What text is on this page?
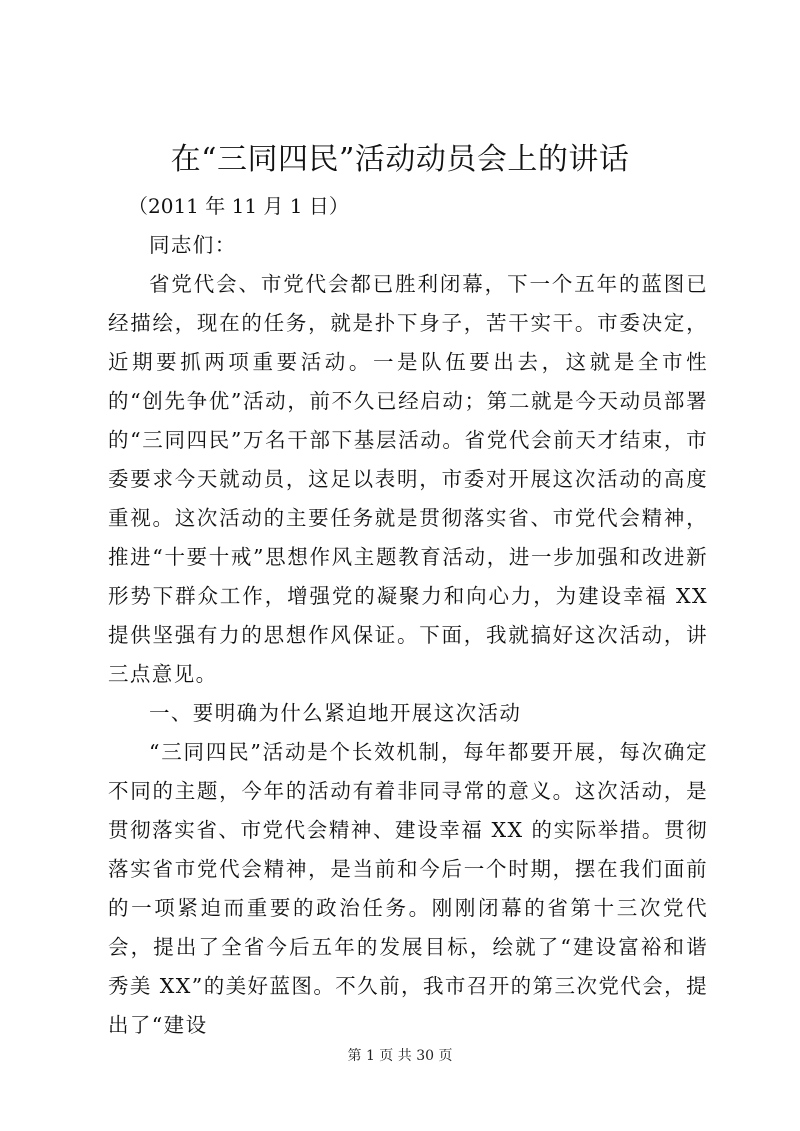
在“三同四民”活动动员会上的讲话

（2011 年 11 月 1 日）

同志们：

省党代会、市党代会都已胜利闭幕，下一个五年的蓝图已经描绘，现在的任务，就是扑下身子，苦干实干。市委决定，近期要抓两项重要活动。一是队伍要出去，这就是全市性的“创先争优”活动，前不久已经启动；第二就是今天动员部署的“三同四民”万名干部下基层活动。省党代会前天才结束，市委要求今天就动员，这足以表明，市委对开展这次活动的高度重视。这次活动的主要任务就是贯彻落实省、市党代会精神，推进“十要十戒”思想作风主题教育活动，进一步加强和改进新形势下群众工作，增强党的凝聚力和向心力，为建设幸福 XX 提供坚强有力的思想作风保证。下面，我就搞好这次活动，讲三点意见。

一、要明确为什么紧迫地开展这次活动

“三同四民”活动是个长效机制，每年都要开展，每次确定不同的主题，今年的活动有着非同寻常的意义。这次活动，是贯彻落实省、市党代会精神、建设幸福 XX 的实际举措。贯彻落实省市党代会精神，是当前和今后一个时期，摆在我们面前的一项紧迫而重要的政治任务。刚刚闭幕的省第十三次党代会，提出了全省今后五年的发展目标，绘就了“建设富裕和谐秀美 XX”的美好蓝图。不久前，我市召开的第三次党代会，提出了“建设

第 1 页 共 30 页
